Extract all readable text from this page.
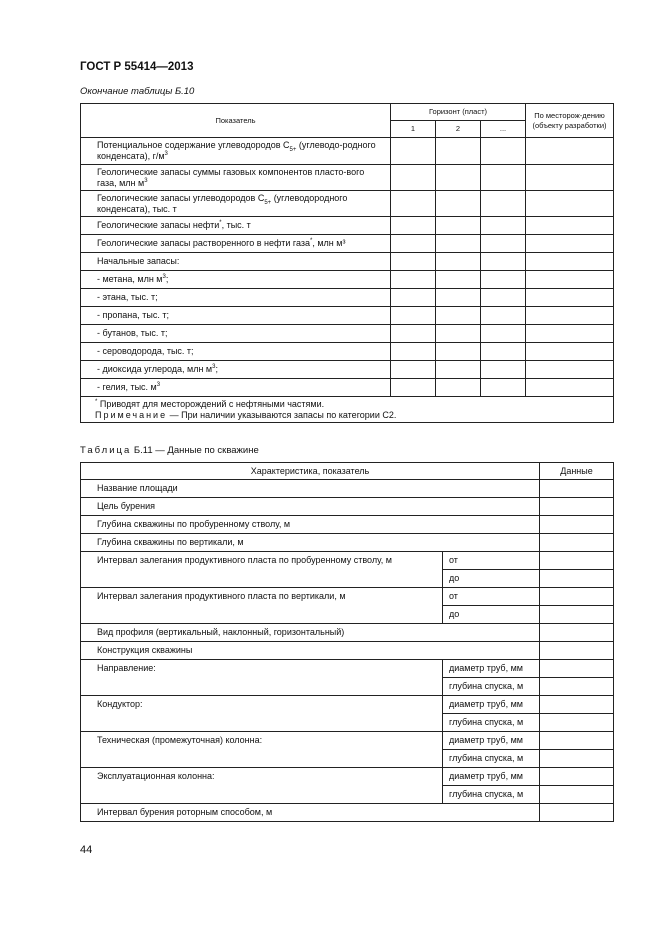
ГОСТ Р 55414—2013
Окончание таблицы Б.10
Показатель	Горизонт (пласт)			По месторож-дению (объекту разработки)
	1	2	...	
Потенциальное содержание углеводородов $С_{5+}$ (углеводо-родного конденсата), $г/м^3$				
Геологические запасы суммы газовых компонентов пласто-вого газа, млн $м^3$				
Геологические запасы углеводородов $С_{5+}$ (углеводородного конденсата), тыс. т				
Геологические запасы нефти*, тыс. т				
Геологические запасы растворенного в нефти газа*, млн м³				
Начальные запасы:				
- метана, млн $м^3$;				
- этана, тыс. т;				
- пропана, тыс. т;				
- бутанов, тыс. т;				
- сероводорода, тыс. т;				
- диоксида углерода, млн $м^3$;				
- гелия, тыс. $м^3$				

* Приводят для месторождений с нефтяными частями.
Примечание — При наличии указываются запасы по категории С2.				
Таблица Б.11 — Данные по скважине
Характеристика, показатель		Данные
Название площади		
Цель бурения		
Глубина скважины по пробуренному стволу, м		
Глубина скважины по вертикали, м		
Интервал залегания продуктивного пласта по пробуренному стволу, м	от	
	до	
Интервал залегания продуктивного пласта по вертикали, м	от	
	до	
Вид профиля (вертикальный, наклонный, горизонтальный)		
Конструкция скважины		
Направление:	диаметр труб, мм	
	глубина спуска, м	
Кондуктор:	диаметр труб, мм	
	глубина спуска, м	
Техническая (промежуточная) колонна:	диаметр труб, мм	
	глубина спуска, м	
Эксплуатационная колонна:	диаметр труб, мм	
	глубина спуска, м	
Интервал бурения роторным способом, м		
44
